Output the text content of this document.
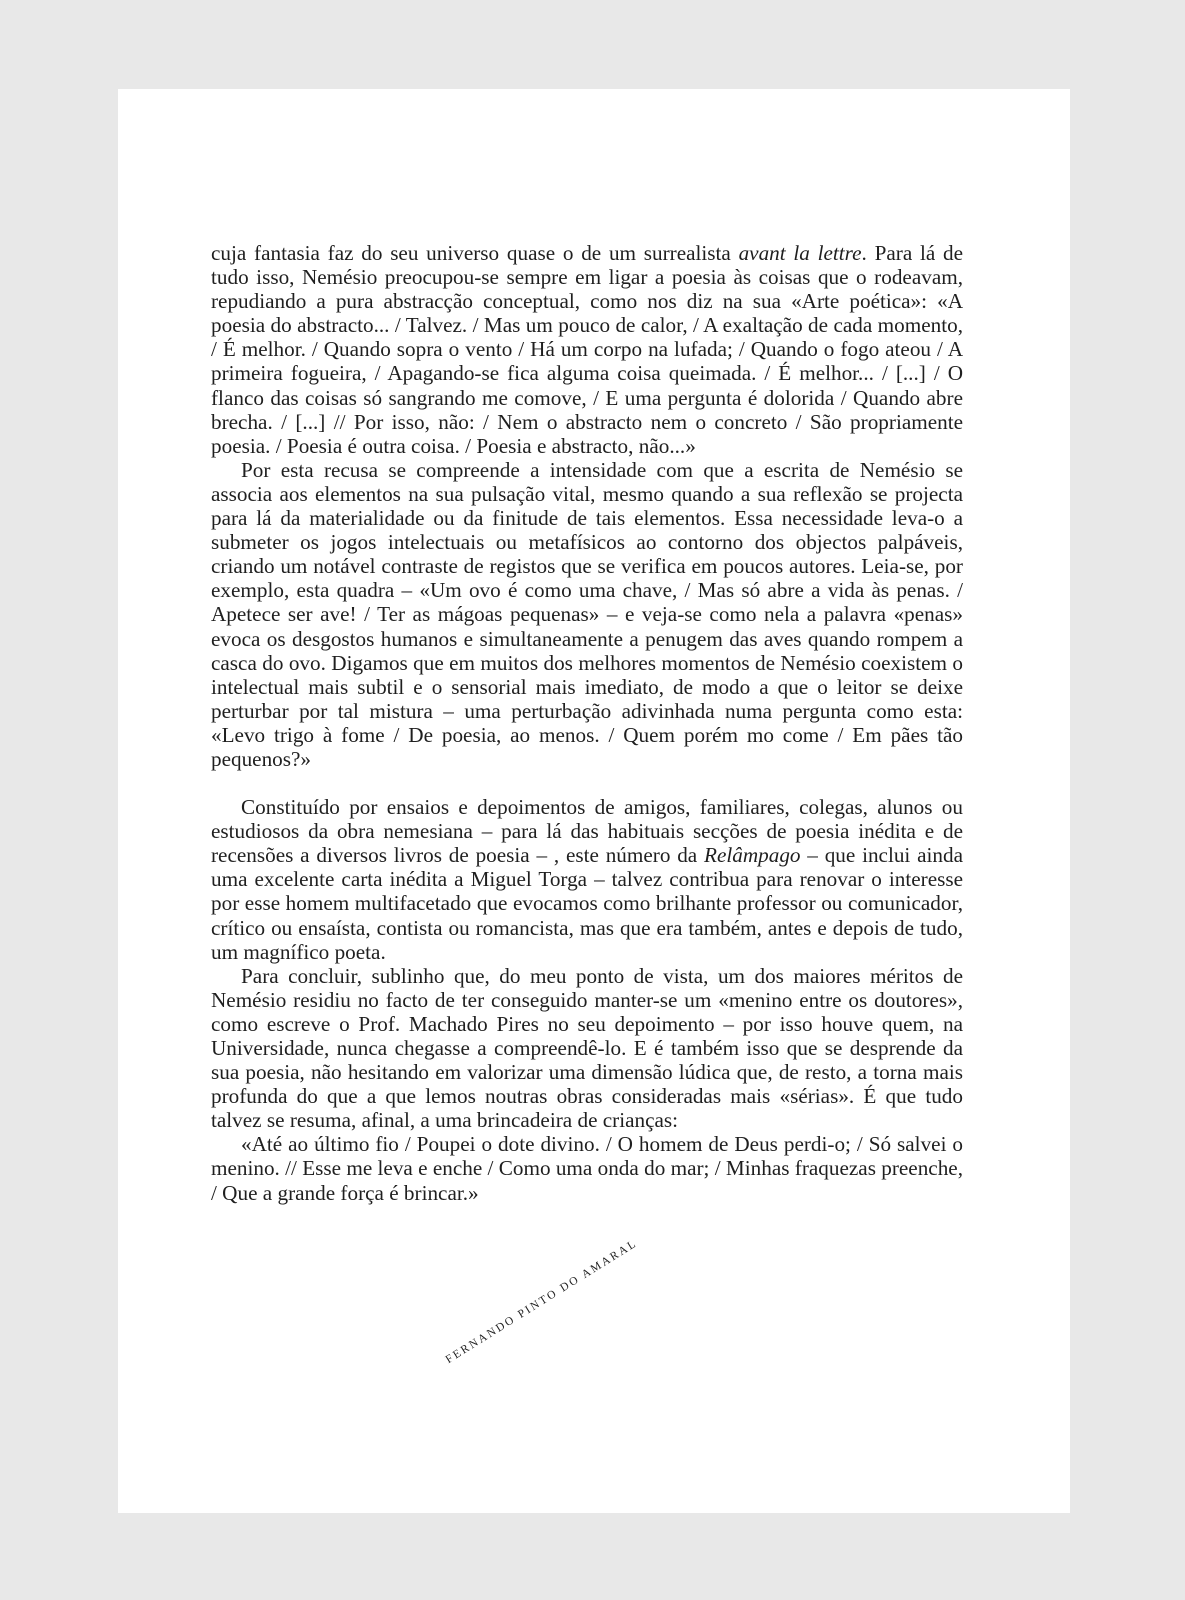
cuja fantasia faz do seu universo quase o de um surrealista avant la lettre. Para lá de tudo isso, Nemésio preocupou-se sempre em ligar a poesia às coisas que o rodeavam, repudiando a pura abstracção conceptual, como nos diz na sua «Arte poética»: «A poesia do abstracto... / Talvez. / Mas um pouco de calor, / A exaltação de cada momento, / É melhor. / Quando sopra o vento / Há um corpo na lufada; / Quando o fogo ateou / A primeira fogueira, / Apagando-se fica alguma coisa queimada. / É melhor... / [...] / O flanco das coisas só sangrando me comove, / E uma pergunta é dolorida / Quando abre brecha. / [...] // Por isso, não: / Nem o abstracto nem o concreto / São propriamente poesia. / Poesia é outra coisa. / Poesia e abstracto, não...»

Por esta recusa se compreende a intensidade com que a escrita de Nemésio se associa aos elementos na sua pulsação vital, mesmo quando a sua reflexão se projecta para lá da materialidade ou da finitude de tais elementos. Essa necessidade leva-o a submeter os jogos intelectuais ou metafísicos ao contorno dos objectos palpáveis, criando um notável contraste de registos que se verifica em poucos autores. Leia-se, por exemplo, esta quadra – «Um ovo é como uma chave, / Mas só abre a vida às penas. / Apetece ser ave! / Ter as mágoas pequenas» – e veja-se como nela a palavra «penas» evoca os desgostos humanos e simultaneamente a penugem das aves quando rompem a casca do ovo. Digamos que em muitos dos melhores momentos de Nemésio coexistem o intelectual mais subtil e o sensorial mais imediato, de modo a que o leitor se deixe perturbar por tal mistura – uma perturbação adivinhada numa pergunta como esta: «Levo trigo à fome / De poesia, ao menos. / Quem porém mo come / Em pães tão pequenos?»

Constituído por ensaios e depoimentos de amigos, familiares, colegas, alunos ou estudiosos da obra nemesiana – para lá das habituais secções de poesia inédita e de recensões a diversos livros de poesia – , este número da Relâmpago – que inclui ainda uma excelente carta inédita a Miguel Torga – talvez contribua para renovar o interesse por esse homem multifacetado que evocamos como brilhante professor ou comunicador, crítico ou ensaísta, contista ou romancista, mas que era também, antes e depois de tudo, um magnífico poeta.

Para concluir, sublinho que, do meu ponto de vista, um dos maiores méritos de Nemésio residiu no facto de ter conseguido manter-se um «menino entre os doutores», como escreve o Prof. Machado Pires no seu depoimento – por isso houve quem, na Universidade, nunca chegasse a compreendê-lo. E é também isso que se desprende da sua poesia, não hesitando em valorizar uma dimensão lúdica que, de resto, a torna mais profunda do que a que lemos noutras obras consideradas mais «sérias». É que tudo talvez se resuma, afinal, a uma brincadeira de crianças:

«Até ao último fio / Poupei o dote divino. / O homem de Deus perdi-o; / Só salvei o menino. // Esse me leva e enche / Como uma onda do mar; / Minhas fraquezas preenche, / Que a grande força é brincar.»

FERNANDO PINTO DO AMARAL
